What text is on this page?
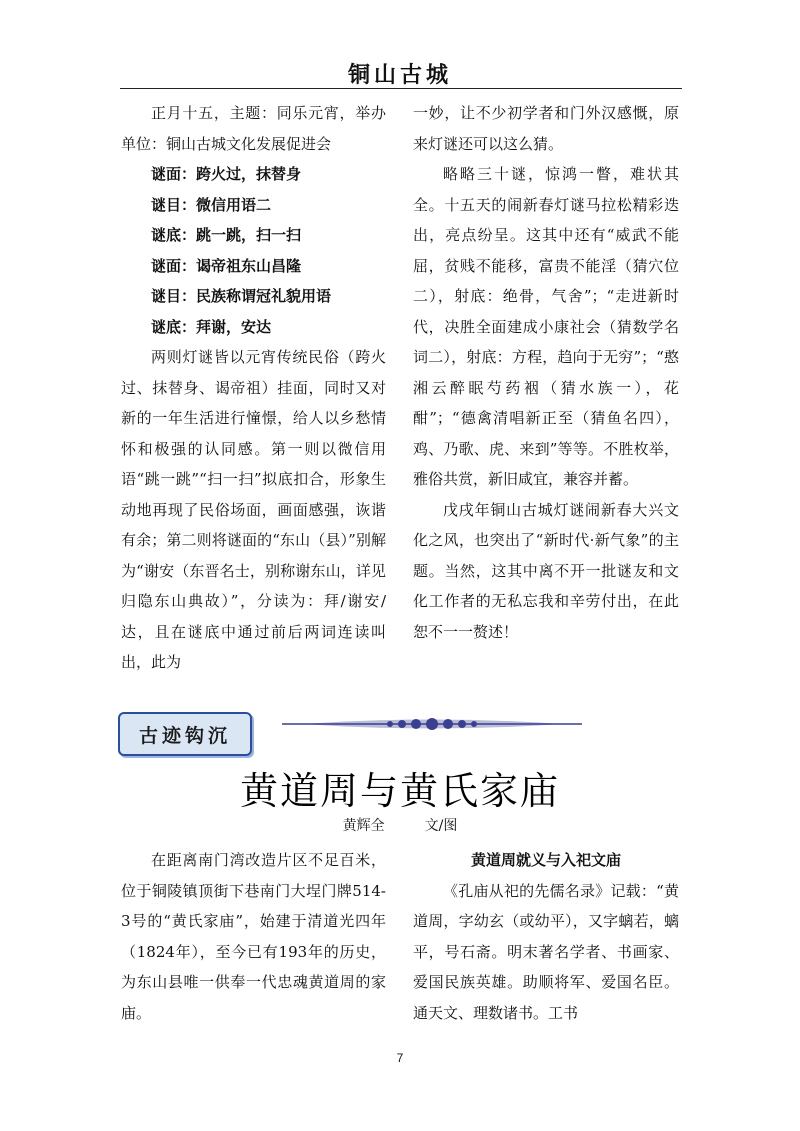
铜山古城

正月十五，主题：同乐元宵，举办单位：铜山古城文化发展促进会

谜面：跨火过，抹替身

谜目：微信用语二

谜底：跳一跳，扫一扫

谜面：谒帝祖东山昌隆

谜目：民族称谓冠礼貌用语

谜底：拜谢，安达

两则灯谜皆以元宵传统民俗（跨火过、抹替身、谒帝祖）挂面，同时又对新的一年生活进行憧憬，给人以乡愁情怀和极强的认同感。第一则以微信用语“跳一跳”“扫一扫”拟底扣合，形象生动地再现了民俗场面，画面感强，诙谐有余；第二则将谜面的“东山（县）”别解为“谢安（东晋名士，别称谢东山，详见归隐东山典故）”，分读为：拜/谢安/达，且在谜底中通过前后两词连读叫出，此为

一妙，让不少初学者和门外汉感慨，原来灯谜还可以这么猜。

略略三十谜，惊鸿一瞥，难状其全。十五天的闹新春灯谜马拉松精彩迭出，亮点纷呈。这其中还有“威武不能屈，贫贱不能移，富贵不能淫（猜穴位二），射底：绝骨，气舍”；“走进新时代，决胜全面建成小康社会（猜数学名词二），射底：方程，趋向于无穷”；“憨湘云醉眠芍药裀（猜水族一），花酣”；“德禽清唱新正至（猜鱼名四），鸡、乃歌、虎、来到”等等。不胜枚举，雅俗共赏，新旧咸宜，兼容并蓄。

戊戌年铜山古城灯谜闹新春大兴文化之风，也突出了“新时代·新气象”的主题。当然，这其中离不开一批谜友和文化工作者的无私忘我和辛劳付出，在此恕不一一赘述！

古迹钩沉
黄道周与黄氏家庙
黄辉全	文/图

在距离南门湾改造片区不足百米，位于铜陵镇顶街下巷南门大埕门牌514-3号的“黄氏家庙”，始建于清道光四年（1824年），至今已有193年的历史，为东山县唯一供奉一代忠魂黄道周的家庙。

黄道周就义与入祀文庙

《孔庙从祀的先儒名录》记载：“黄道周，字幼玄（或幼平），又字螭若，螭平，号石斋。明末著名学者、书画家、爱国民族英雄。助顺将军、爱国名臣。通天文、理数诸书。工书

7
